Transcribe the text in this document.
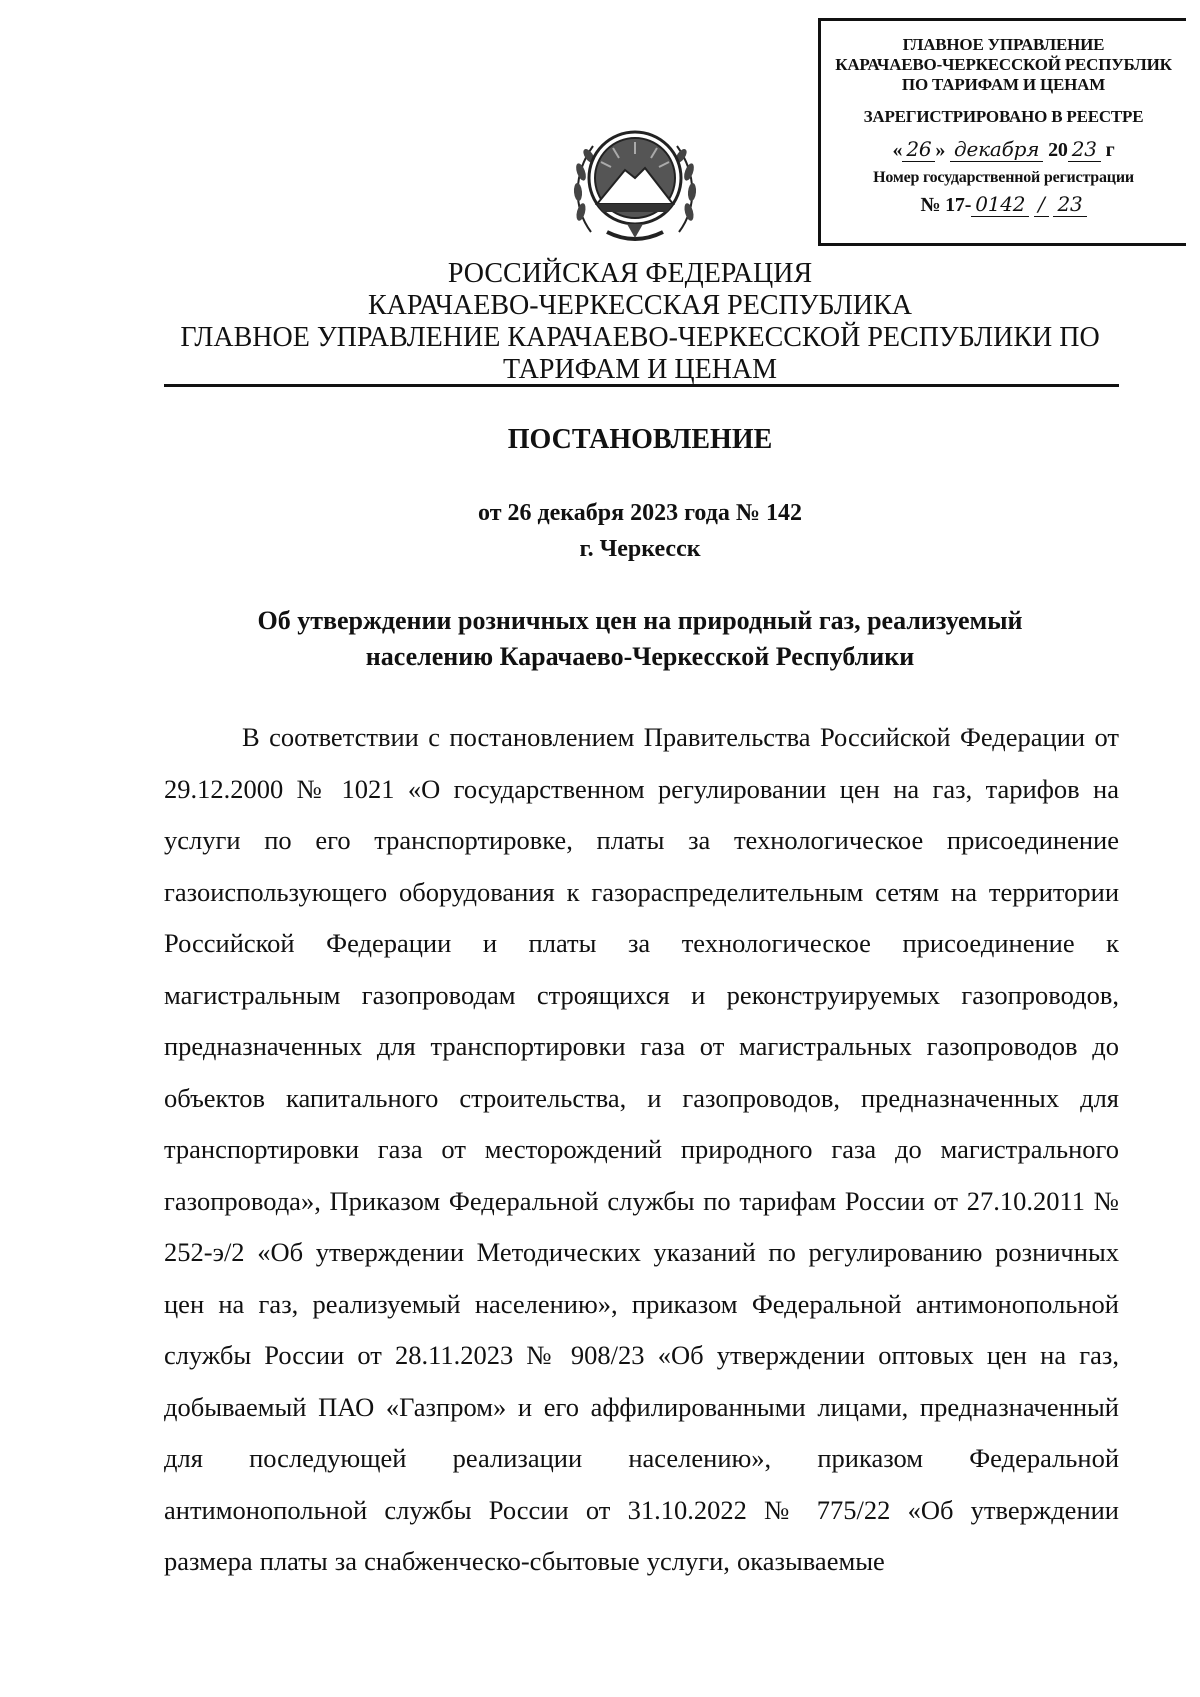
ГЛАВНОЕ УПРАВЛЕНИЕ
КАРАЧАЕВО-ЧЕРКЕССКОЙ РЕСПУБЛИК
ПО ТАРИФАМ И ЦЕНАМ
ЗАРЕГИСТРИРОВАНО В РЕЕСТРЕ
« 26 » декабря 20 23 г
Номер государственной регистрации
№ 17- 0142 / 23
РОССИЙСКАЯ ФЕДЕРАЦИЯ
КАРАЧАЕВО-ЧЕРКЕССКАЯ РЕСПУБЛИКА
ГЛАВНОЕ УПРАВЛЕНИЕ КАРАЧАЕВО-ЧЕРКЕССКОЙ РЕСПУБЛИКИ ПО
ТАРИФАМ И ЦЕНАМ
ПОСТАНОВЛЕНИЕ
от 26 декабря 2023 года № 142
г. Черкесск
Об утверждении розничных цен на природный газ, реализуемый
населению Карачаево-Черкесской Республики
В соответствии с постановлением Правительства Российской Федерации от 29.12.2000 № 1021 «О государственном регулировании цен на газ, тарифов на услуги по его транспортировке, платы за технологическое присоединение газоиспользующего оборудования к газораспределительным сетям на территории Российской Федерации и платы за технологическое присоединение к магистральным газопроводам строящихся и реконструируемых газопроводов, предназначенных для транспортировки газа от магистральных газопроводов до объектов капитального строительства, и газопроводов, предназначенных для транспортировки газа от месторождений природного газа до магистрального газопровода», Приказом Федеральной службы по тарифам России от 27.10.2011 № 252-э/2 «Об утверждении Методических указаний по регулированию розничных цен на газ, реализуемый населению», приказом Федеральной антимонопольной службы России от 28.11.2023 № 908/23 «Об утверждении оптовых цен на газ, добываемый ПАО «Газпром» и его аффилированными лицами, предназначенный для последующей реализации населению», приказом Федеральной антимонопольной службы России от 31.10.2022 № 775/22 «Об утверждении размера платы за снабженческо-сбытовые услуги, оказываемые
